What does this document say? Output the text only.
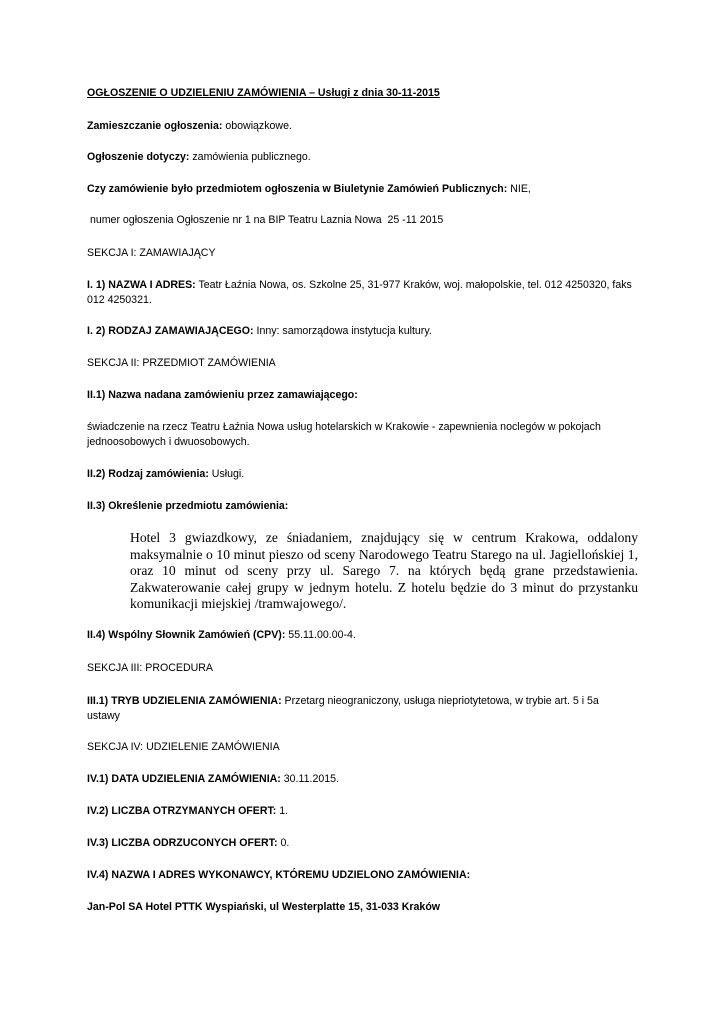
OGŁOSZENIE O UDZIELENIU ZAMÓWIENIA – Usługi z dnia 30-11-2015

Zamieszczanie ogłoszenia: obowiązkowe.

Ogłoszenie dotyczy: zamówienia publicznego.

Czy zamówienie było przedmiotem ogłoszenia w Biuletynie Zamówień Publicznych: NIE,

numer ogłoszenia Ogłoszenie nr 1 na BIP Teatru Laznia Nowa  25 -11 2015

SEKCJA I: ZAMAWIAJĄCY

I. 1) NAZWA I ADRES: Teatr Łaźnia Nowa, os. Szkolne 25, 31-977 Kraków, woj. małopolskie, tel. 012 4250320, faks 012 4250321.

I. 2) RODZAJ ZAMAWIAJĄCEGO: Inny: samorządowa instytucja kultury.

SEKCJA II: PRZEDMIOT ZAMÓWIENIA

II.1) Nazwa nadana zamówieniu przez zamawiającego:

świadczenie na rzecz Teatru Łaźnia Nowa usług hotelarskich w Krakowie - zapewnienia noclegów w pokojach jednoosobowych i dwuosobowych.

II.2) Rodzaj zamówienia: Usługi.

II.3) Określenie przedmiotu zamówienia:

Hotel 3 gwiazdkowy, ze śniadaniem, znajdujący się w centrum Krakowa, oddalony maksymalnie o 10 minut pieszo od sceny Narodowego Teatru Starego na ul. Jagiellońskiej 1, oraz 10 minut od sceny przy ul. Sarego 7. na których będą grane przedstawienia. Zakwaterowanie całej grupy w jednym hotelu. Z hotelu będzie do 3 minut do przystanku komunikacji miejskiej /tramwajowego/.

II.4) Wspólny Słownik Zamówień (CPV): 55.11.00.00-4.

SEKCJA III: PROCEDURA

III.1) TRYB UDZIELENIA ZAMÓWIENIA: Przetarg nieograniczony, usługa niepriotytetowa, w trybie art. 5 i 5a ustawy

SEKCJA IV: UDZIELENIE ZAMÓWIENIA

IV.1) DATA UDZIELENIA ZAMÓWIENIA: 30.11.2015.

IV.2) LICZBA OTRZYMANYCH OFERT: 1.

IV.3) LICZBA ODRZUCONYCH OFERT: 0.

IV.4) NAZWA I ADRES WYKONAWCY, KTÓREMU UDZIELONO ZAMÓWIENIA:

Jan-Pol SA Hotel PTTK Wyspiański, ul Westerplatte 15, 31-033 Kraków
